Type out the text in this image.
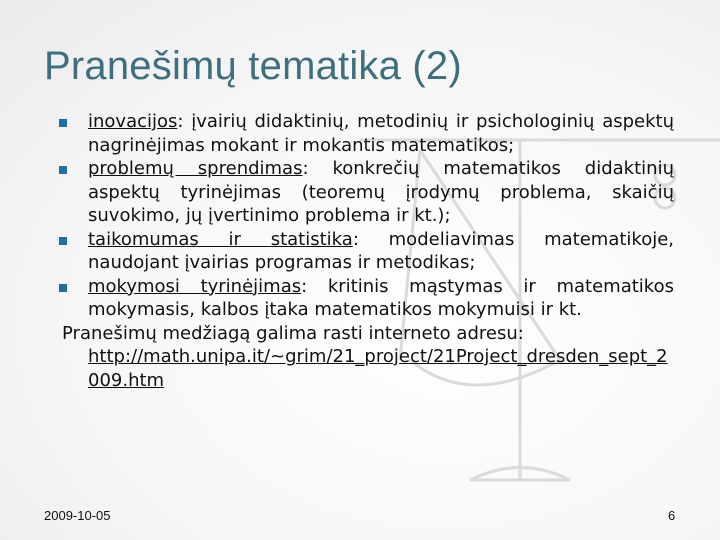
Pranešimų tematika (2)
inovacijos: įvairių didaktinių, metodinių ir psichologinių aspektų nagrinėjimas mokant ir mokantis matematikos;
problemų sprendimas: konkrečių matematikos didaktinių aspektų tyrinėjimas (teoremų įrodymų problema, skaičių suvokimo, jų įvertinimo problema ir kt.);
taikomumas ir statistika: modeliavimas matematikoje, naudojant įvairias programas ir metodikas;
mokymosi tyrinėjimas: kritinis mąstymas ir matematikos mokymasis, kalbos įtaka matematikos mokymuisi ir kt.
Pranešimų medžiagą galima rasti interneto adresu:
http://math.unipa.it/~grim/21_project/21Project_dresden_sept_2009.htm
2009-10-05	6
